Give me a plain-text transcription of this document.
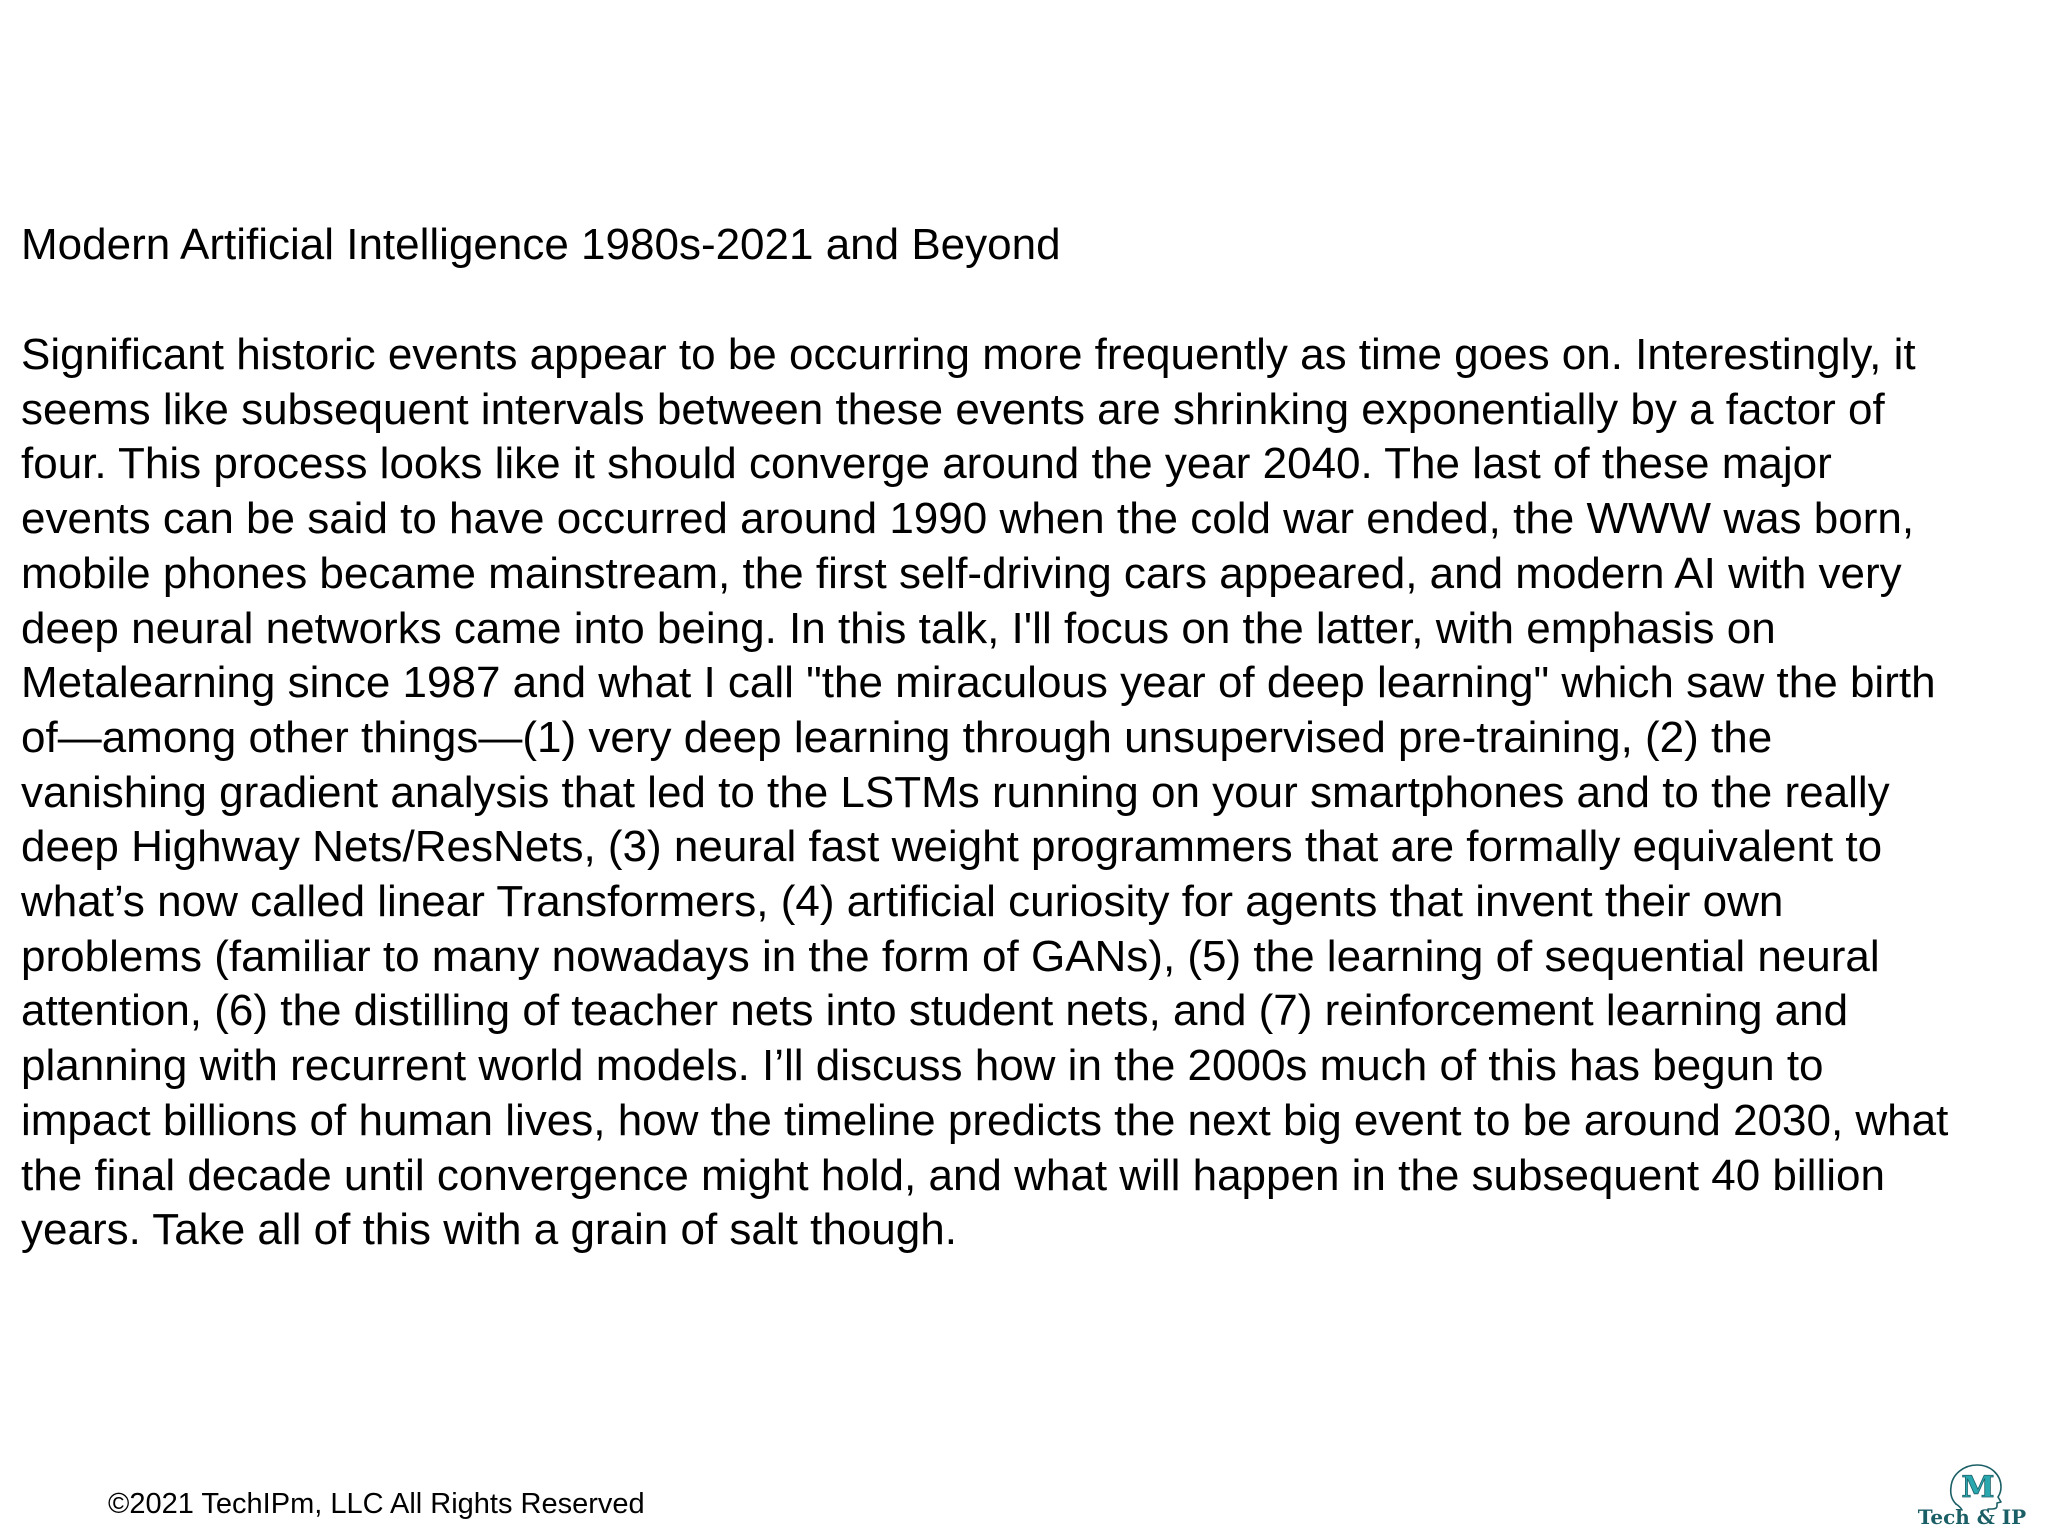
Modern Artificial Intelligence 1980s-2021 and Beyond

Significant historic events appear to be occurring more frequently as time goes on. Interestingly, it
seems like subsequent intervals between these events are shrinking exponentially by a factor of
four. This process looks like it should converge around the year 2040. The last of these major
events can be said to have occurred around 1990 when the cold war ended, the WWW was born,
mobile phones became mainstream, the first self-driving cars appeared, and modern AI with very
deep neural networks came into being. In this talk, I'll focus on the latter, with emphasis on
Metalearning since 1987 and what I call "the miraculous year of deep learning" which saw the birth
of—among other things—(1) very deep learning through unsupervised pre-training, (2) the
vanishing gradient analysis that led to the LSTMs running on your smartphones and to the really
deep Highway Nets/ResNets, (3) neural fast weight programmers that are formally equivalent to
what’s now called linear Transformers, (4) artificial curiosity for agents that invent their own
problems (familiar to many nowadays in the form of GANs), (5) the learning of sequential neural
attention, (6) the distilling of teacher nets into student nets, and (7) reinforcement learning and
planning with recurrent world models. I’ll discuss how in the 2000s much of this has begun to
impact billions of human lives, how the timeline predicts the next big event to be around 2030, what
the final decade until convergence might hold, and what will happen in the subsequent 40 billion
years. Take all of this with a grain of salt though.

©2021 TechIPm, LLC All Rights Reserved	M
Tech & IP
